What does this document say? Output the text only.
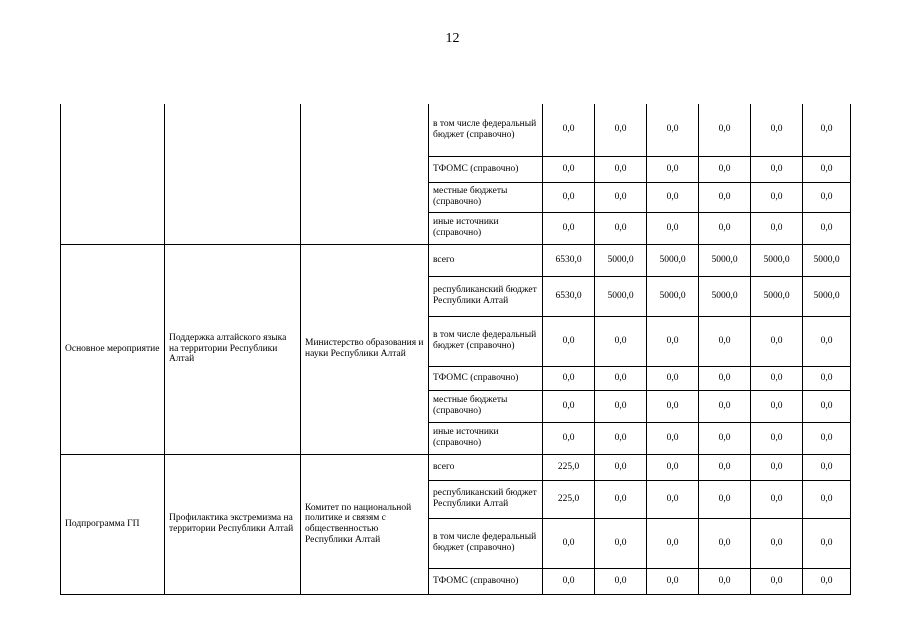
12
			в том числе федеральный бюджет (справочно)	0,0	0,0	0,0	0,0	0,0	0,0
			ТФОМС (справочно)	0,0	0,0	0,0	0,0	0,0	0,0
			местные бюджеты (справочно)	0,0	0,0	0,0	0,0	0,0	0,0
			иные источники (справочно)	0,0	0,0	0,0	0,0	0,0	0,0
Основное мероприятие	Поддержка алтайского языка на территории Республики Алтай	Министерство образования и науки Республики Алтай	всего	6530,0	5000,0	5000,0	5000,0	5000,0	5000,0
			республиканский бюджет Республики Алтай	6530,0	5000,0	5000,0	5000,0	5000,0	5000,0
			в том числе федеральный бюджет (справочно)	0,0	0,0	0,0	0,0	0,0	0,0
			ТФОМС (справочно)	0,0	0,0	0,0	0,0	0,0	0,0
			местные бюджеты (справочно)	0,0	0,0	0,0	0,0	0,0	0,0
			иные источники (справочно)	0,0	0,0	0,0	0,0	0,0	0,0
Подпрограмма ГП	Профилактика экстремизма на территории Республики Алтай	Комитет по национальной политике и связям с общественностью Республики Алтай	всего	225,0	0,0	0,0	0,0	0,0	0,0
			республиканский бюджет Республики Алтай	225,0	0,0	0,0	0,0	0,0	0,0
			в том числе федеральный бюджет (справочно)	0,0	0,0	0,0	0,0	0,0	0,0
			ТФОМС (справочно)	0,0	0,0	0,0	0,0	0,0	0,0
